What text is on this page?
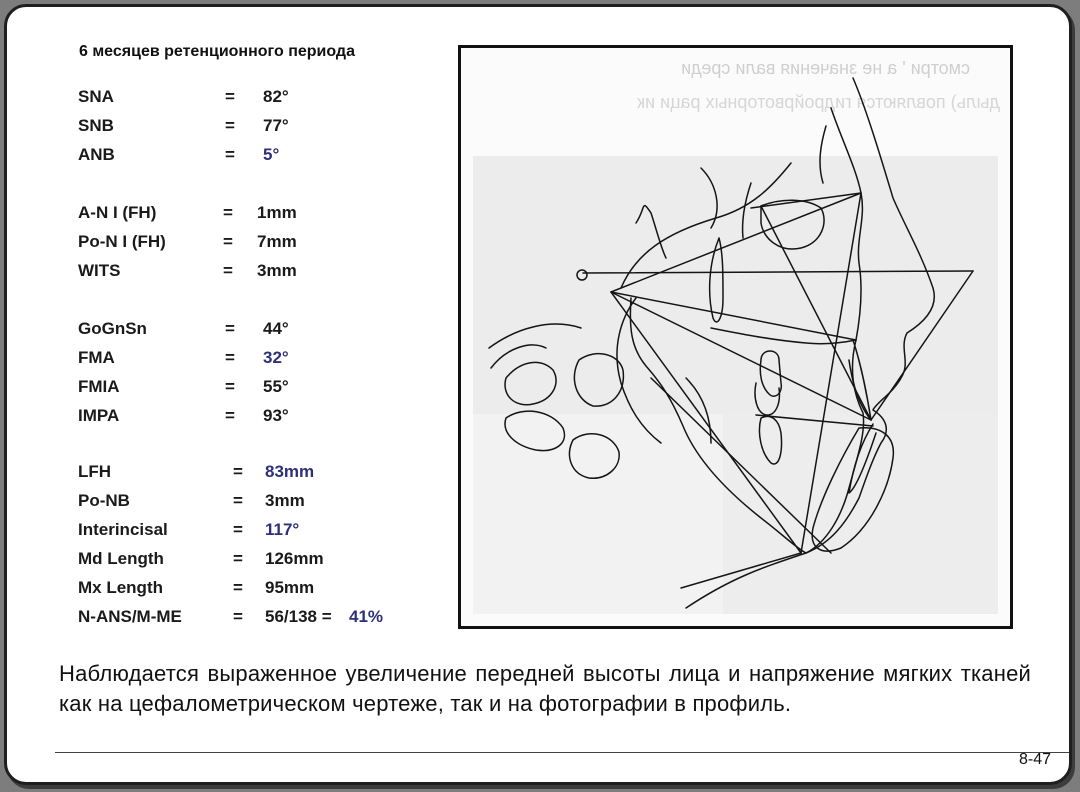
6 месяцев ретенционного периода
SNA	= 82°
SNB	= 77°
ANB	= 5°
A-N I (FH)	= 1mm
Po-N I (FH)	= 7mm
WITS	= 3mm
GoGnSn	= 44°
FMA	= 32°
FMIA	= 55°
IMPA	= 93°
LFH	= 83mm
Po-NB	= 3mm
Interincisal	= 117°
Md Length	= 126mm
Mx Length	= 95mm
N-ANS/M-ME	= 56/138 = 41%
смотри ' а не значения вали среди
дыль) повляются гидройрвоторных раци ик
Наблюдается выраженное увеличение передней высоты лица и напряжение мягких тканей как на цефалометрическом чертеже, так и на фотографии в профиль.
8-47
